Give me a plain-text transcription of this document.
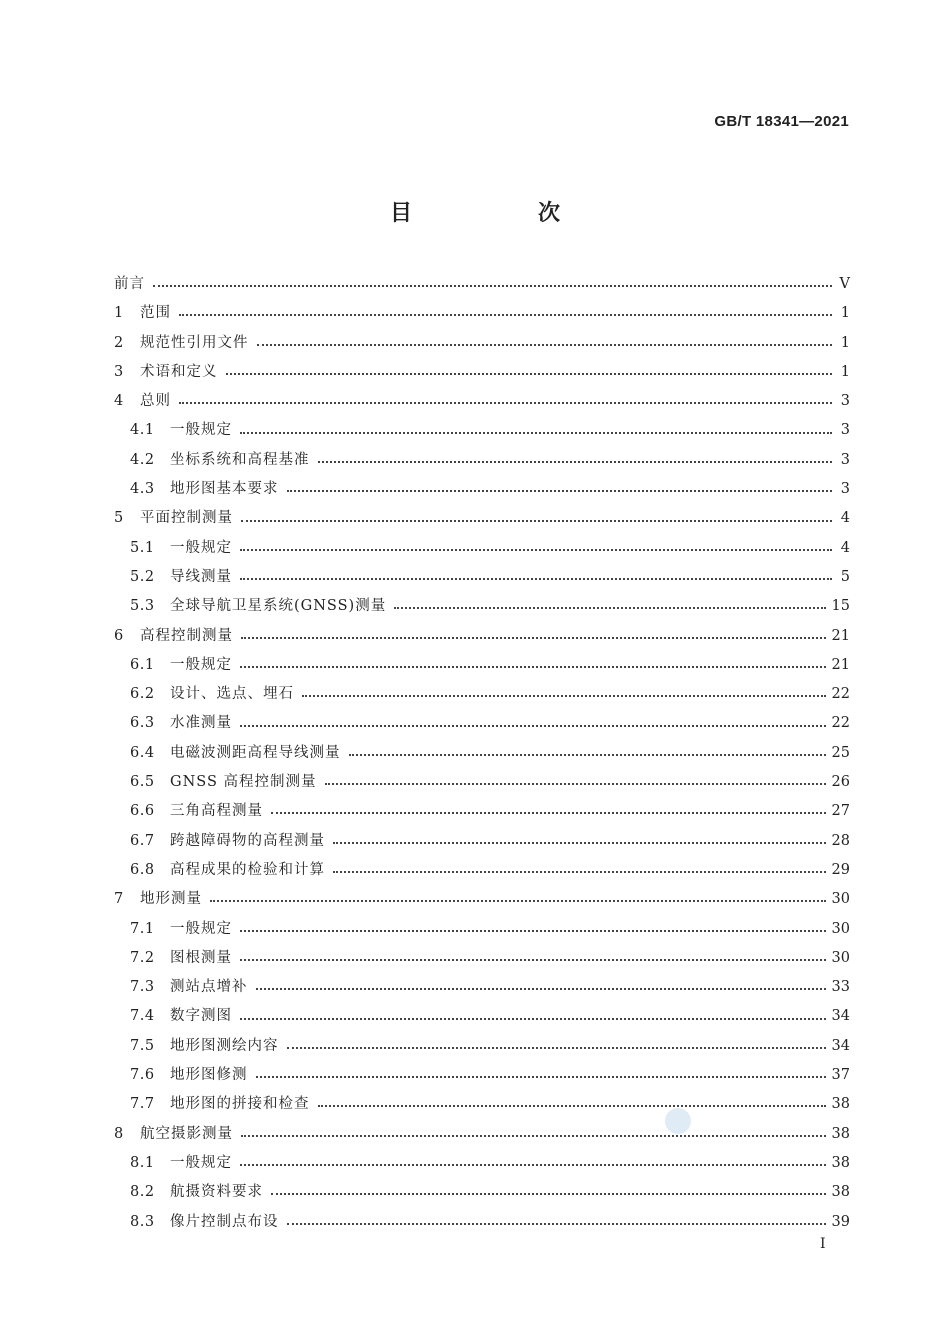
GB/T 18341—2021
目　次
前言	V
1	范围	1
2	规范性引用文件	1
3	术语和定义	1
4	总则	3
4.1	一般规定	3
4.2	坐标系统和高程基准	3
4.3	地形图基本要求	3
5	平面控制测量	4
5.1	一般规定	4
5.2	导线测量	5
5.3	全球导航卫星系统(GNSS)测量	15
6	高程控制测量	21
6.1	一般规定	21
6.2	设计、选点、埋石	22
6.3	水准测量	22
6.4	电磁波测距高程导线测量	25
6.5	GNSS 高程控制测量	26
6.6	三角高程测量	27
6.7	跨越障碍物的高程测量	28
6.8	高程成果的检验和计算	29
7	地形测量	30
7.1	一般规定	30
7.2	图根测量	30
7.3	测站点增补	33
7.4	数字测图	34
7.5	地形图测绘内容	34
7.6	地形图修测	37
7.7	地形图的拼接和检查	38
8	航空摄影测量	38
8.1	一般规定	38
8.2	航摄资料要求	38
8.3	像片控制点布设	39
I
